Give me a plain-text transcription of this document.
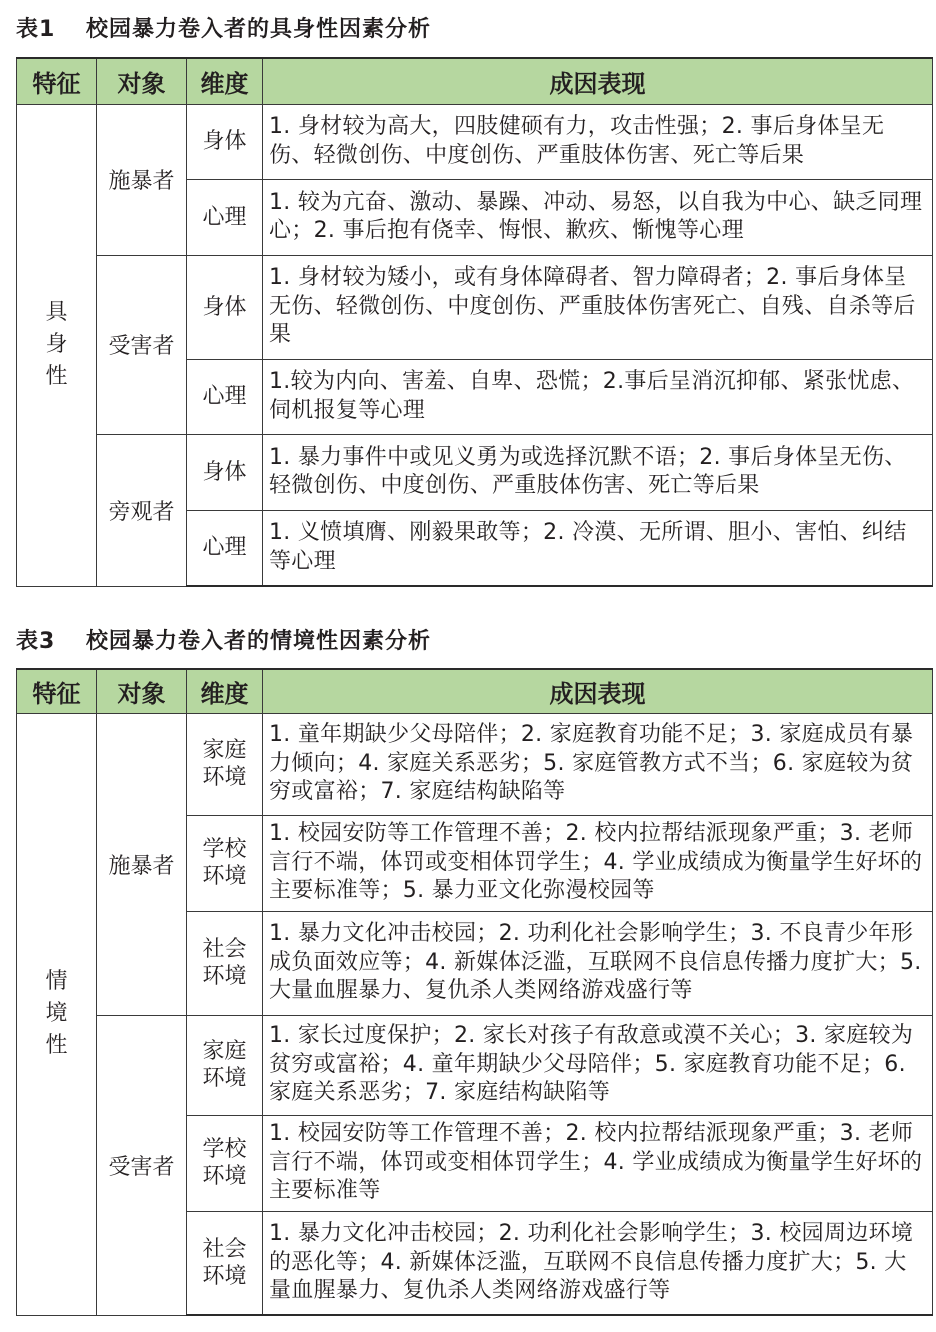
表1 校园暴力卷入者的具身性因素分析
特征	对象	维度	成因表现

具
身
性	施暴者	身体	1. 身材较为高大，四肢健硕有力，攻击性强；2. 事后身体呈无伤、轻微创伤、中度创伤、严重肢体伤害、死亡等后果

		心理	1. 较为亢奋、激动、暴躁、冲动、易怒，以自我为中心、缺乏同理心；2. 事后抱有侥幸、悔恨、歉疚、惭愧等心理
	受害者	身体	1. 身材较为矮小，或有身体障碍者、智力障碍者；2. 事后身体呈无伤、轻微创伤、中度创伤、严重肢体伤害死亡、自残、自杀等后果

		心理	1.较为内向、害羞、自卑、恐慌；2.事后呈消沉抑郁、紧张忧虑、伺机报复等心理
	旁观者	身体	1. 暴力事件中或见义勇为或选择沉默不语；2. 事后身体呈无伤、轻微创伤、中度创伤、严重肢体伤害、死亡等后果

		心理	1. 义愤填膺、刚毅果敢等；2. 冷漠、无所谓、胆小、害怕、纠结等心理
表3 校园暴力卷入者的情境性因素分析
特征	对象	维度	成因表现

情
境
性	施暴者	家庭
环境	1. 童年期缺少父母陪伴；2. 家庭教育功能不足；3. 家庭成员有暴力倾向；4. 家庭关系恶劣；5. 家庭管教方式不当；6. 家庭较为贫穷或富裕；7. 家庭结构缺陷等

		学校
环境	1. 校园安防等工作管理不善；2. 校内拉帮结派现象严重；3. 老师言行不端，体罚或变相体罚学生；4. 学业成绩成为衡量学生好坏的主要标准等；5. 暴力亚文化弥漫校园等

		社会
环境	1. 暴力文化冲击校园；2. 功利化社会影响学生；3. 不良青少年形成负面效应等；4. 新媒体泛滥，互联网不良信息传播力度扩大；5. 大量血腥暴力、复仇杀人类网络游戏盛行等
	受害者	家庭
环境	1. 家长过度保护；2. 家长对孩子有敌意或漠不关心；3. 家庭较为贫穷或富裕；4. 童年期缺少父母陪伴；5. 家庭教育功能不足；6. 家庭关系恶劣；7. 家庭结构缺陷等

		学校
环境	1. 校园安防等工作管理不善；2. 校内拉帮结派现象严重；3. 老师言行不端，体罚或变相体罚学生；4. 学业成绩成为衡量学生好坏的主要标准等

		社会
环境	1. 暴力文化冲击校园；2. 功利化社会影响学生；3. 校园周边环境的恶化等；4. 新媒体泛滥，互联网不良信息传播力度扩大；5. 大量血腥暴力、复仇杀人类网络游戏盛行等
